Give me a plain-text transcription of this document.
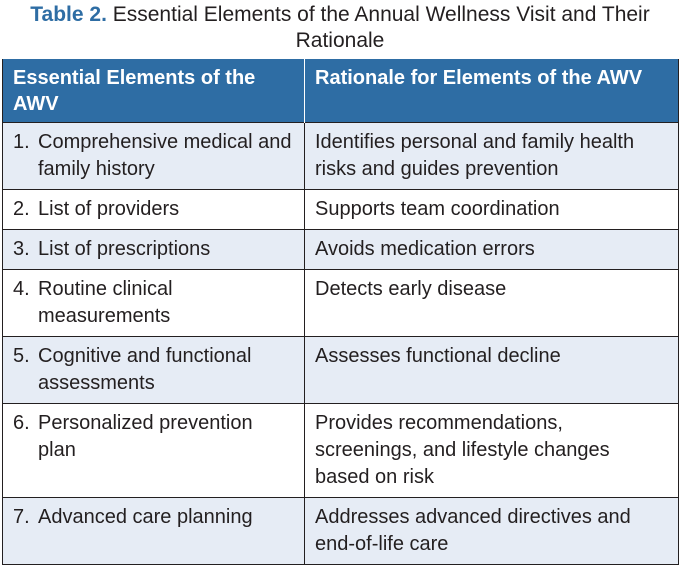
Table 2. Essential Elements of the Annual Wellness Visit and Their Rationale
Essential Elements of the AWV	Rationale for Elements of the AWV

1. Comprehensive medical and family history	Identifies personal and family health risks and guides prevention

2. List of providers	Supports team coordination

3. List of prescriptions	Avoids medication errors

4. Routine clinical measurements	Detects early disease

5. Cognitive and functional assessments	Assesses functional decline

6. Personalized prevention plan	Provides recommendations, screenings, and lifestyle changes based on risk

7. Advanced care planning	Addresses advanced directives and end-of-life care
